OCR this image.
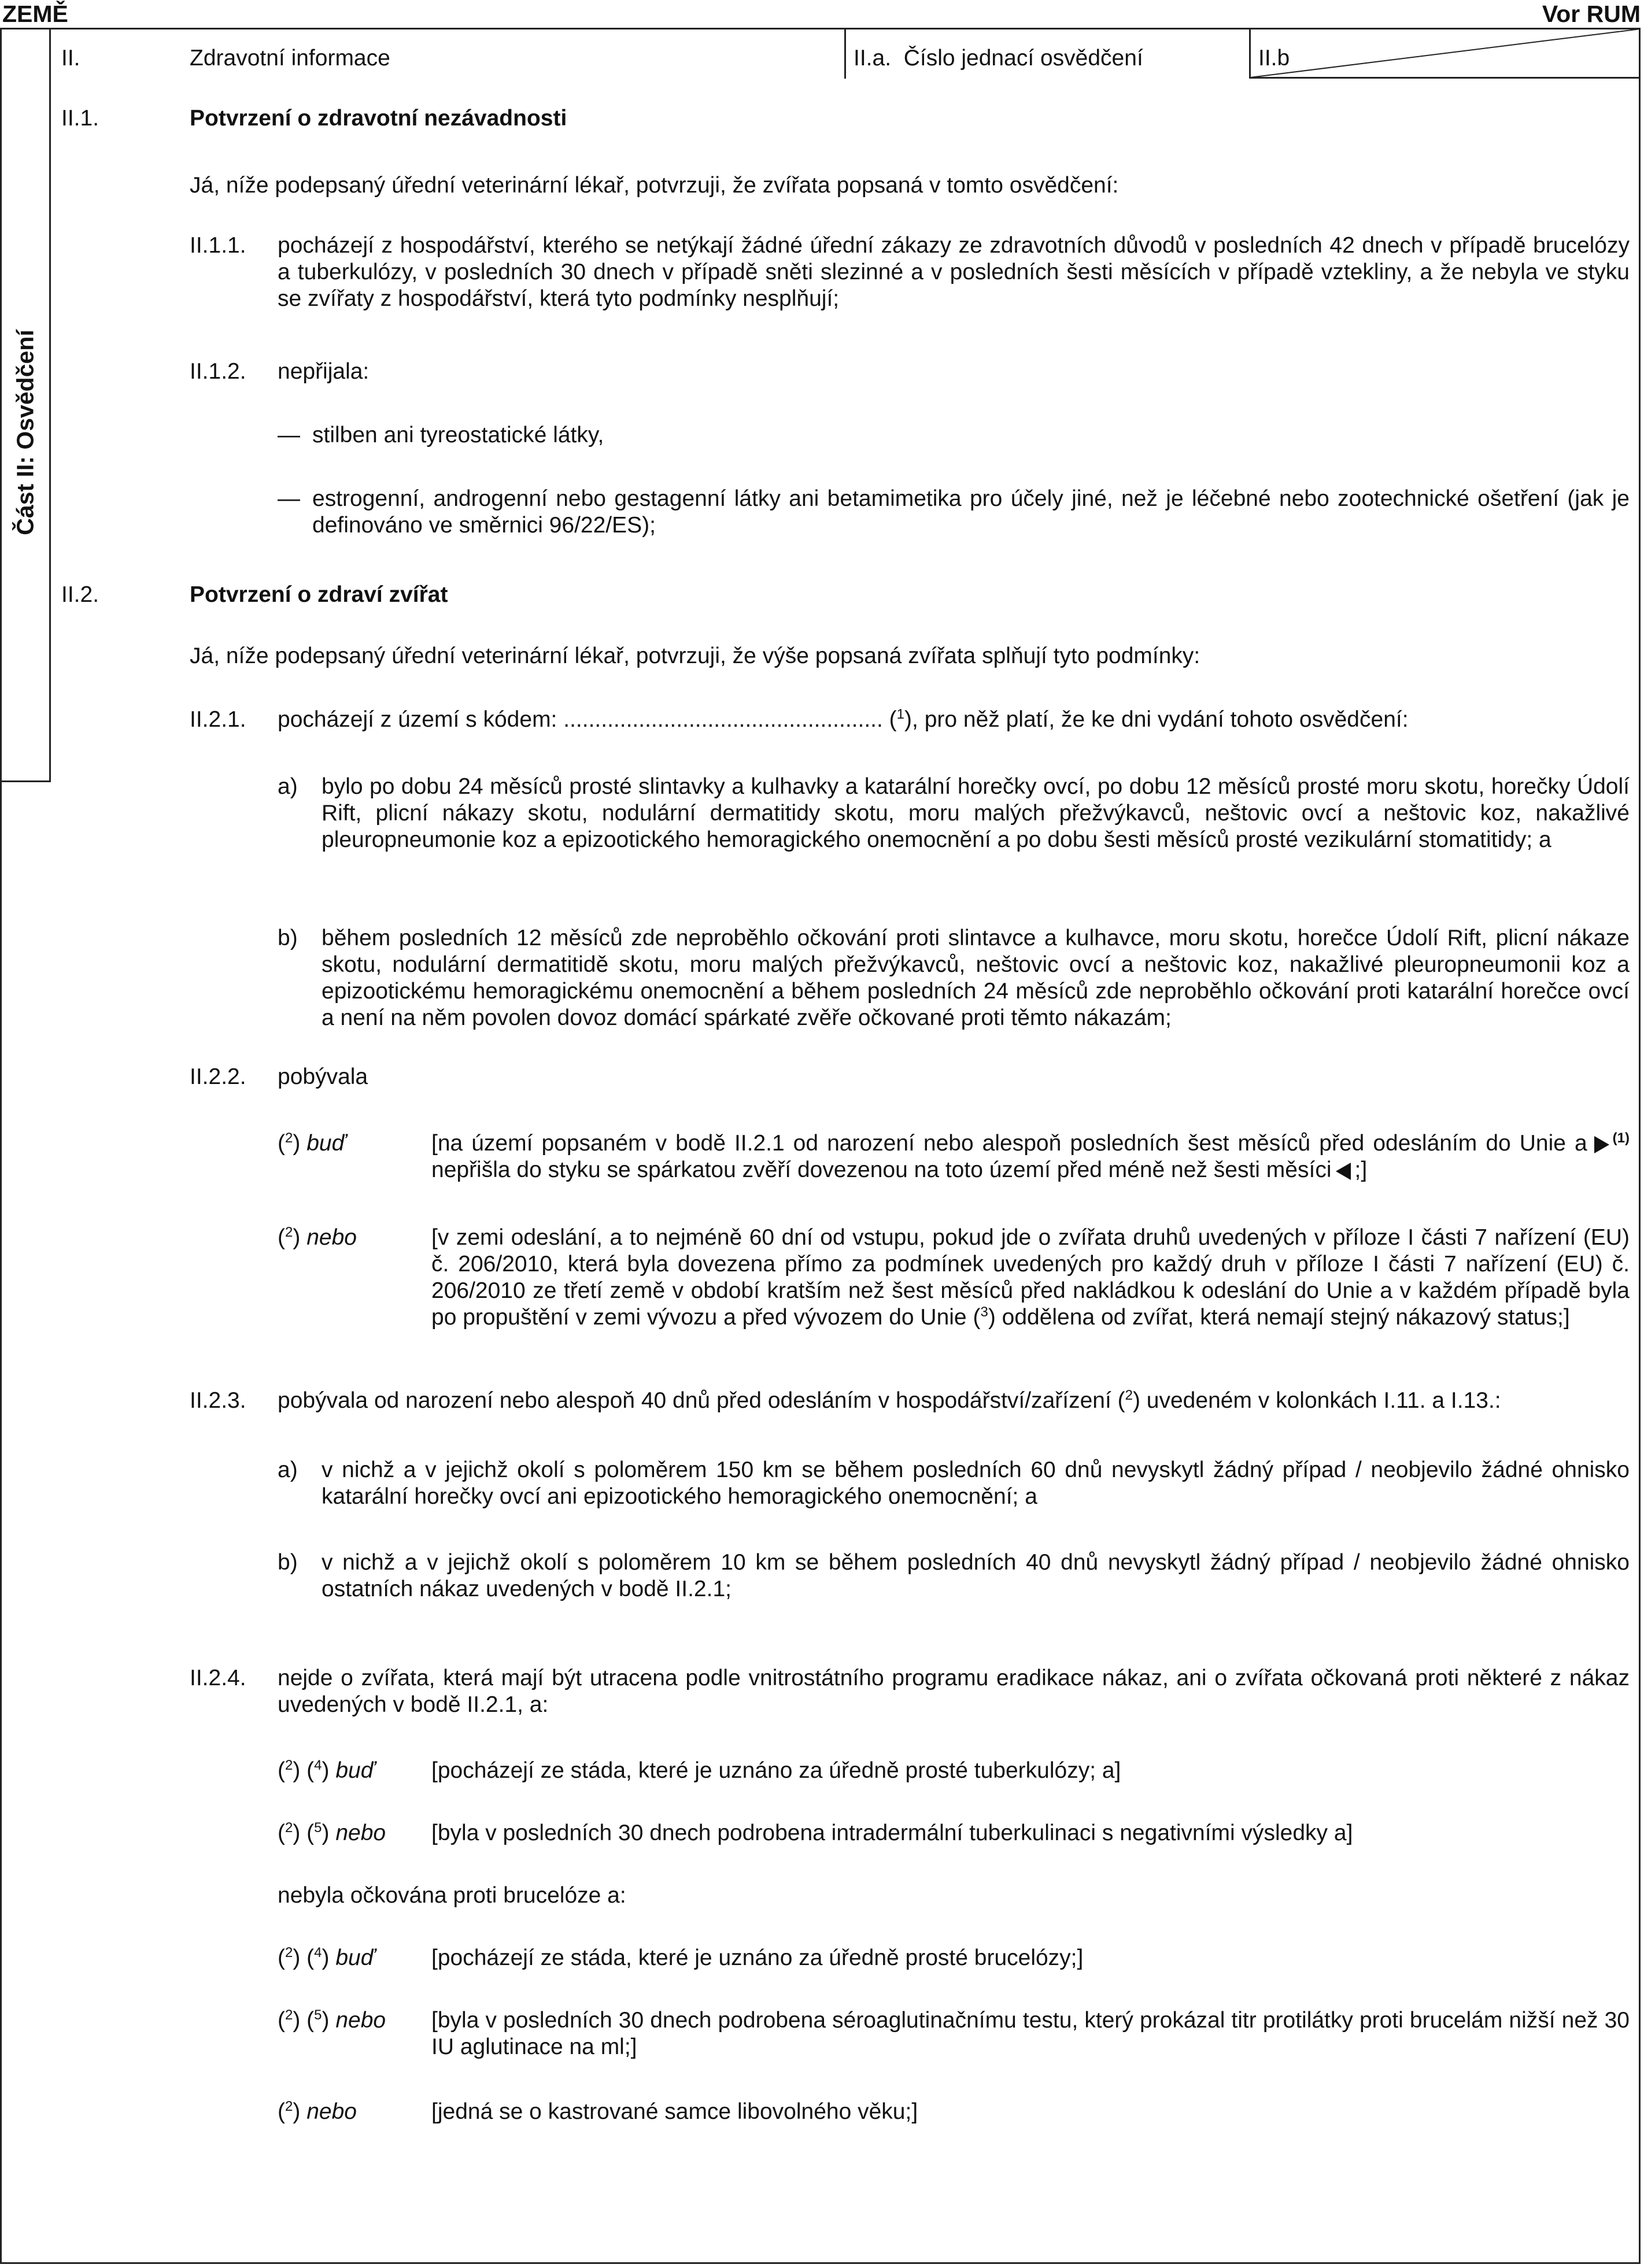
ZEMĚ	Vor RUM
Část II: Osvědčení
II.	Zdravotní informace	II.a.  Číslo jednací osvědčení	II.b
II.1.	Potvrzení o zdravotní nezávadnosti
Já, níže podepsaný úřední veterinární lékař, potvrzuji, že zvířata popsaná v tomto osvědčení:
II.1.1. pocházejí z hospodářství, kterého se netýkají žádné úřední zákazy ze zdravotních důvodů v posledních 42 dnech v případě brucelózy a tuberkulózy, v posledních 30 dnech v případě sněti slezinné a v posledních šesti měsících v případě vztekliny, a že nebyla ve styku se zvířaty z hospodářství, která tyto podmínky nesplňují;
II.1.2. nepřijala:
— stilben ani tyreostatické látky,
— estrogenní, androgenní nebo gestagenní látky ani betamimetika pro účely jiné, než je léčebné nebo zootechnické ošetření (jak je definováno ve směrnici 96/22/ES);
II.2.	Potvrzení o zdraví zvířat
Já, níže podepsaný úřední veterinární lékař, potvrzuji, že výše popsaná zvířata splňují tyto podmínky:
II.2.1. pocházejí z území s kódem: ................................................... ($^1$), pro něž platí, že ke dni vydání tohoto osvědčení:
a) bylo po dobu 24 měsíců prosté slintavky a kulhavky a katarální horečky ovcí, po dobu 12 měsíců prosté moru skotu, horečky Údolí Rift, plicní nákazy skotu, nodulární dermatitidy skotu, moru malých přežvýkavců, neštovic ovcí a neštovic koz, nakažlivé pleuropneumonie koz a epizootického hemoragického onemocnění a po dobu šesti měsíců prosté vezikulární stomatitidy; a
b) během posledních 12 měsíců zde neproběhlo očkování proti slintavce a kulhavce, moru skotu, horečce Údolí Rift, plicní nákaze skotu, nodulární dermatitidě skotu, moru malých přežvýkavců, neštovic ovcí a neštovic koz, nakažlivé pleuropneumonii koz a epizootickému hemoragickému onemocnění a během posledních 24 měsíců zde neproběhlo očkování proti katarální horečce ovcí a není na něm povolen dovoz domácí spárkaté zvěře očkované proti těmto nákazám;
II.2.2. pobývala
($^2$) buď	[na území popsaném v bodě II.2.1 od narození nebo alespoň posledních šest měsíců před odesláním do Unie a $^{(1)}$ nepřišla do styku se spárkatou zvěří dovezenou na toto území před méně než šesti měsíci ;]
($^2$) nebo	[v zemi odeslání, a to nejméně 60 dní od vstupu, pokud jde o zvířata druhů uvedených v příloze I části 7 nařízení (EU) č. 206/2010, která byla dovezena přímo za podmínek uvedených pro každý druh v příloze I části 7 nařízení (EU) č. 206/2010 ze třetí země v období kratším než šest měsíců před nakládkou k odeslání do Unie a v každém případě byla po propuštění v zemi vývozu a před vývozem do Unie ($^3$) oddělena od zvířat, která nemají stejný nákazový status;]
II.2.3. pobývala od narození nebo alespoň 40 dnů před odesláním v hospodářství/zařízení ($^2$) uvedeném v kolonkách I.11. a I.13.:
a) v nichž a v jejichž okolí s poloměrem 150 km se během posledních 60 dnů nevyskytl žádný případ / neobjevilo žádné ohnisko katarální horečky ovcí ani epizootického hemoragického onemocnění; a
b) v nichž a v jejichž okolí s poloměrem 10 km se během posledních 40 dnů nevyskytl žádný případ / neobjevilo žádné ohnisko ostatních nákaz uvedených v bodě II.2.1;
II.2.4. nejde o zvířata, která mají být utracena podle vnitrostátního programu eradikace nákaz, ani o zvířata očkovaná proti některé z nákaz uvedených v bodě II.2.1, a:
($^2$) ($^4$) buď	[pocházejí ze stáda, které je uznáno za úředně prosté tuberkulózy; a]
($^2$) ($^5$) nebo [byla v posledních 30 dnech podrobena intradermální tuberkulinaci s negativními výsledky a]
nebyla očkována proti brucelóze a:
($^2$) ($^4$) buď	[pocházejí ze stáda, které je uznáno za úředně prosté brucelózy;]
($^2$) ($^5$) nebo [byla v posledních 30 dnech podrobena séroaglutinačnímu testu, který prokázal titr protilátky proti brucelám nižší než 30 IU aglutinace na ml;]
($^2$) nebo	[jedná se o kastrované samce libovolného věku;]
